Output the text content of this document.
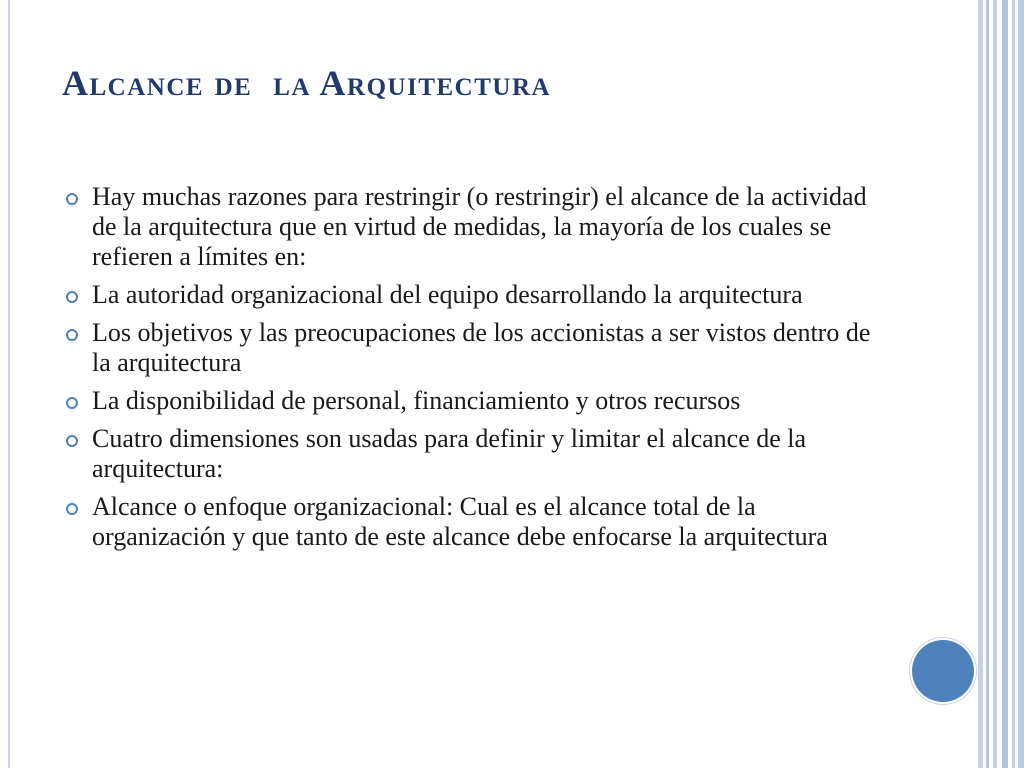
Alcance de  la Arquitectura
Hay muchas razones para restringir (o restringir) el alcance de la actividad de la arquitectura que en virtud de medidas, la mayoría de los cuales se refieren a límites en:
La autoridad organizacional del equipo desarrollando la arquitectura
Los objetivos y las preocupaciones de los accionistas a ser vistos dentro de la arquitectura
La disponibilidad de personal, financiamiento y otros recursos
Cuatro dimensiones son usadas para definir y limitar el alcance de la arquitectura:
Alcance o enfoque organizacional: Cual es el alcance total de la organización y que tanto de este alcance debe enfocarse la arquitectura
